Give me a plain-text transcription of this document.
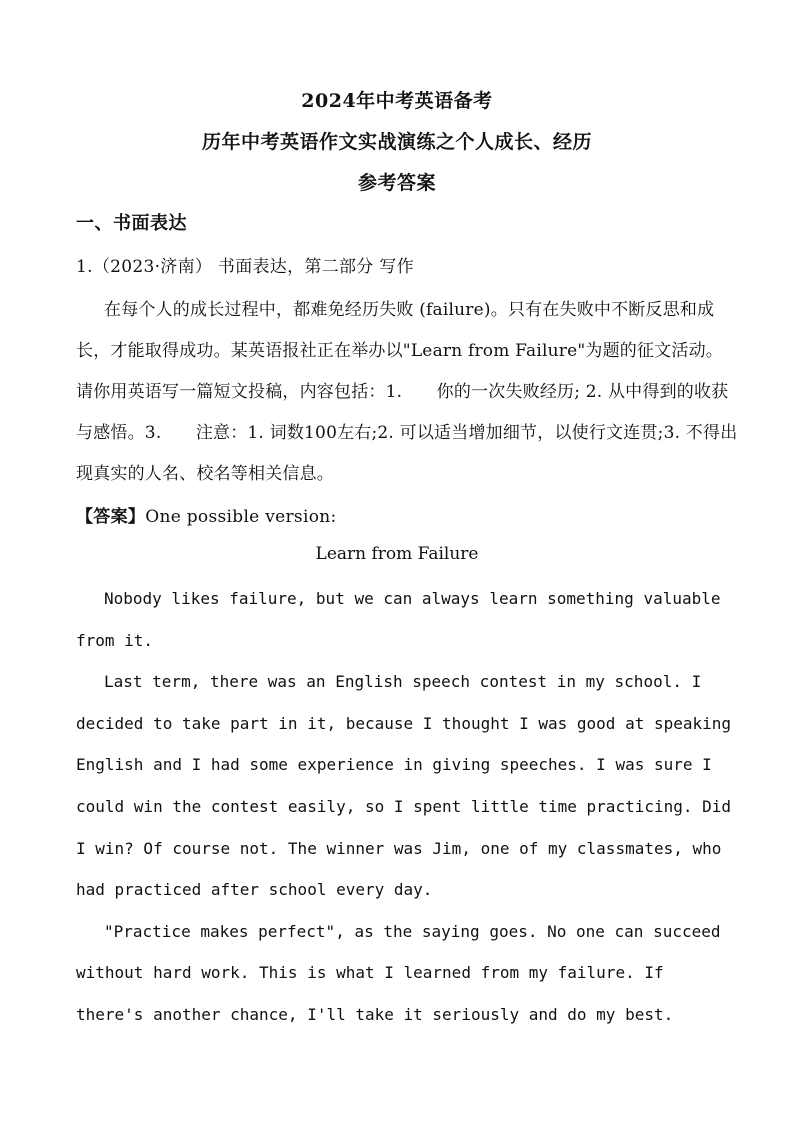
2024年中考英语备考
历年中考英语作文实战演练之个人成长、经历
参考答案
一、书面表达
1.（2023·济南） 书面表达，第二部分 写作
在每个人的成长过程中，都难免经历失败 (failure)。只有在失败中不断反思和成长，才能取得成功。某英语报社正在举办以"Learn from Failure"为题的征文活动。请你用英语写一篇短文投稿，内容包括：1.　　你的一次失败经历; 2. 从中得到的收获与感悟。3.　　注意：1. 词数100左右;2. 可以适当增加细节，以使行文连贯;3. 不得出现真实的人名、校名等相关信息。
【答案】One possible version:
Learn from Failure

Nobody likes failure, but we can always learn something valuable from it.

Last term, there was an English speech contest in my school. I decided to take part in it, because I thought I was good at speaking English and I had some experience in giving speeches. I was sure I could win the contest easily, so I spent little time practicing. Did I win? Of course not. The winner was Jim, one of my classmates, who had practiced after school every day.

"Practice makes perfect", as the saying goes. No one can succeed without hard work. This is what I learned from my failure. If there's another chance, I'll take it seriously and do my best.
